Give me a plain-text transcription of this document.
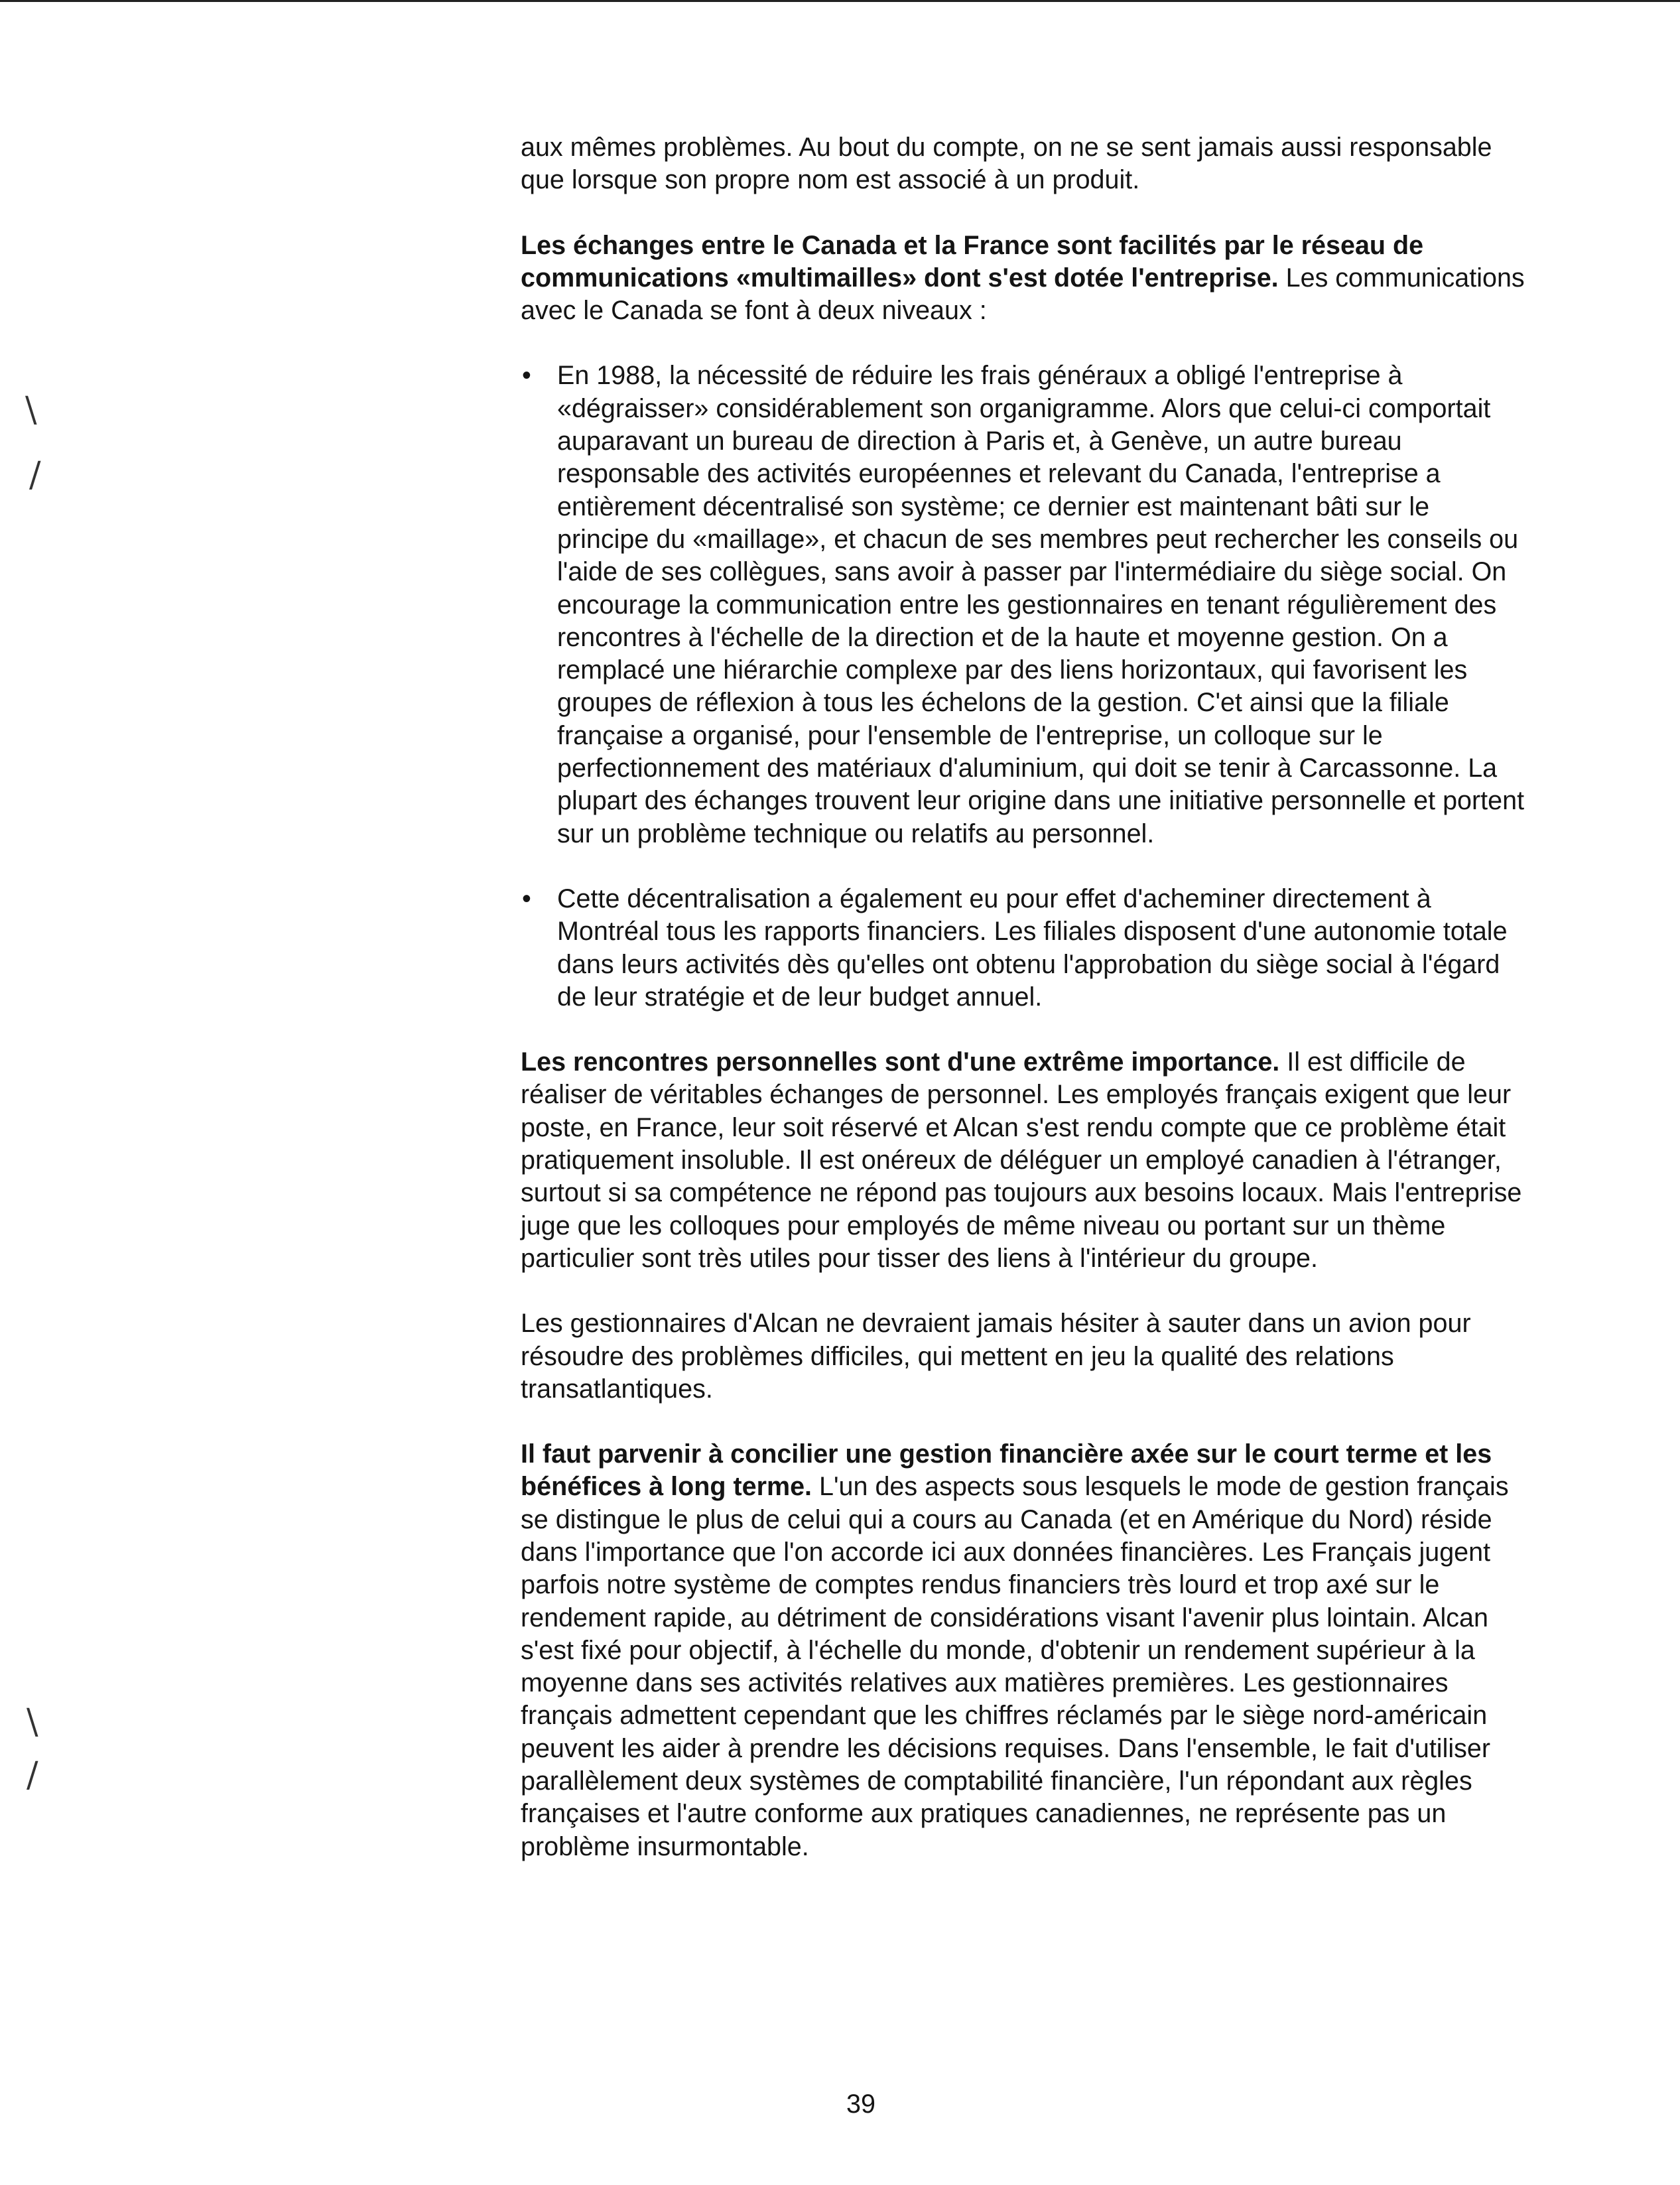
\
/
\
/

aux mêmes problèmes. Au bout du compte, on ne se sent jamais aussi responsable que lorsque son propre nom est associé à un produit.

Les échanges entre le Canada et la France sont facilités par le réseau de communications «multimailles» dont s'est dotée l'entreprise. Les communications avec le Canada se font à deux niveaux :

• En 1988, la nécessité de réduire les frais généraux a obligé l'entreprise à «dégraisser» considérablement son organigramme. Alors que celui-ci comportait auparavant un bureau de direction à Paris et, à Genève, un autre bureau responsable des activités européennes et relevant du Canada, l'entreprise a entièrement décentralisé son système; ce dernier est maintenant bâti sur le principe du «maillage», et chacun de ses membres peut rechercher les conseils ou l'aide de ses collègues, sans avoir à passer par l'intermédiaire du siège social. On encourage la communication entre les gestionnaires en tenant régulièrement des rencontres à l'échelle de la direction et de la haute et moyenne gestion. On a remplacé une hiérarchie complexe par des liens horizontaux, qui favorisent les groupes de réflexion à tous les échelons de la gestion. C'et ainsi que la filiale française a organisé, pour l'ensemble de l'entreprise, un colloque sur le perfectionnement des matériaux d'aluminium, qui doit se tenir à Carcassonne. La plupart des échanges trouvent leur origine dans une initiative personnelle et portent sur un problème technique ou relatifs au personnel.
• Cette décentralisation a également eu pour effet d'acheminer directement à Montréal tous les rapports financiers. Les filiales disposent d'une autonomie totale dans leurs activités dès qu'elles ont obtenu l'approbation du siège social à l'égard de leur stratégie et de leur budget annuel.

Les rencontres personnelles sont d'une extrême importance. Il est difficile de réaliser de véritables échanges de personnel. Les employés français exigent que leur poste, en France, leur soit réservé et Alcan s'est rendu compte que ce problème était pratiquement insoluble. Il est onéreux de déléguer un employé canadien à l'étranger, surtout si sa compétence ne répond pas toujours aux besoins locaux. Mais l'entreprise juge que les colloques pour employés de même niveau ou portant sur un thème particulier sont très utiles pour tisser des liens à l'intérieur du groupe.

Les gestionnaires d'Alcan ne devraient jamais hésiter à sauter dans un avion pour résoudre des problèmes difficiles, qui mettent en jeu la qualité des relations transatlantiques.

Il faut parvenir à concilier une gestion financière axée sur le court terme et les bénéfices à long terme. L'un des aspects sous lesquels le mode de gestion français se distingue le plus de celui qui a cours au Canada (et en Amérique du Nord) réside dans l'importance que l'on accorde ici aux données financières. Les Français jugent parfois notre système de comptes rendus financiers très lourd et trop axé sur le rendement rapide, au détriment de considérations visant l'avenir plus lointain. Alcan s'est fixé pour objectif, à l'échelle du monde, d'obtenir un rendement supérieur à la moyenne dans ses activités relatives aux matières premières. Les gestionnaires français admettent cependant que les chiffres réclamés par le siège nord-américain peuvent les aider à prendre les décisions requises. Dans l'ensemble, le fait d'utiliser parallèlement deux systèmes de comptabilité financière, l'un répondant aux règles françaises et l'autre conforme aux pratiques canadiennes, ne représente pas un problème insurmontable.

39
